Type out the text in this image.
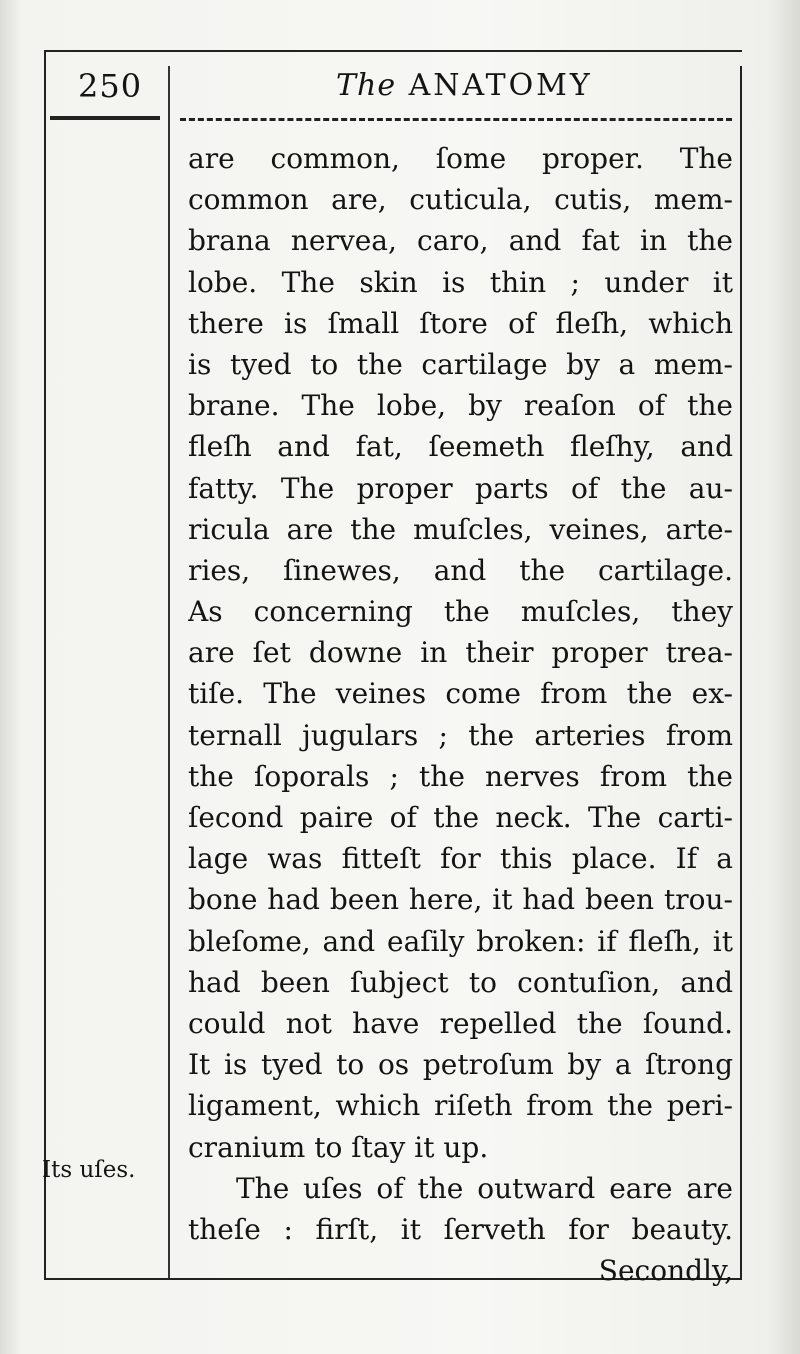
250	The ANATOMY
Its uſes.
are common, ſome proper. The
common are, cuticula, cutis, mem-
brana nervea, caro, and fat in the
lobe. The skin is thin ; under it
there is ſmall ſtore of fleſh, which
is tyed to the cartilage by a mem-
brane. The lobe, by reaſon of the
fleſh and fat, ſeemeth fleſhy, and
fatty. The proper parts of the au-
ricula are the muſcles, veines, arte-
ries, ſinewes, and the cartilage.
As concerning the muſcles, they
are ſet downe in their proper trea-
tiſe. The veines come from the ex-
ternall jugulars ; the arteries from
the ſoporals ; the nerves from the
ſecond paire of the neck. The carti-
lage was fitteſt for this place. If a
bone had been here, it had been trou-
bleſome, and eaſily broken: if fleſh, it
had been ſubject to contuſion, and
could not have repelled the ſound.
It is tyed to os petroſum by a ſtrong
ligament, which riſeth from the peri-
cranium to ſtay it up.
The uſes of the outward eare are
theſe : firſt, it ſerveth for beauty.
Secondly,
